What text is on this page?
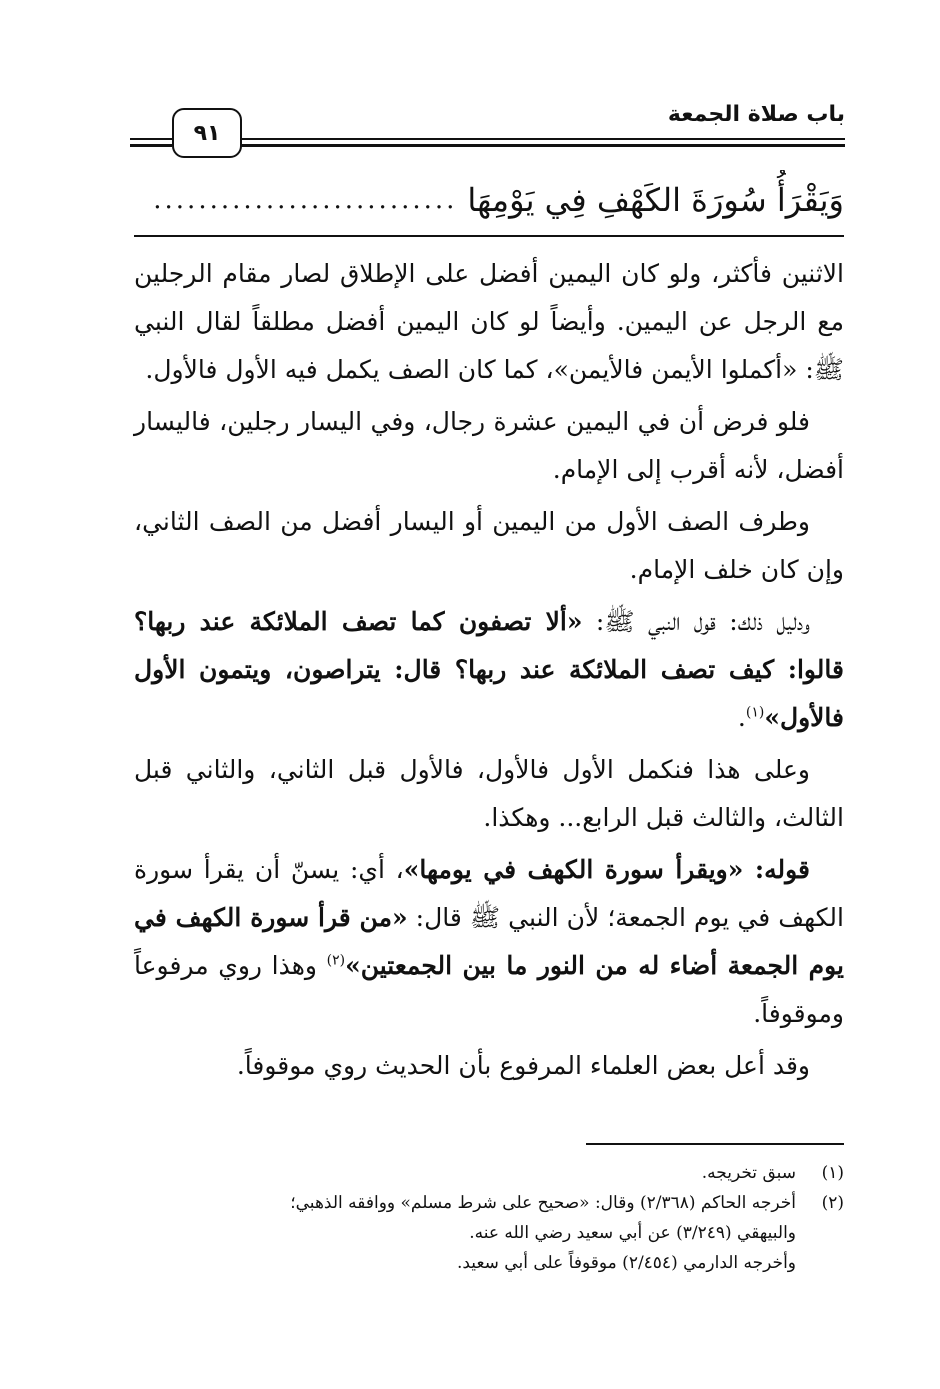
باب صلاة الجمعة
٩١
وَيَقْرَأُ سُورَةَ الكَهْفِ فِي يَوْمِهَا
...........................

الاثنين فأكثر، ولو كان اليمين أفضل على الإطلاق لصار مقام الرجلين مع الرجل عن اليمين. وأيضاً لو كان اليمين أفضل مطلقاً لقال النبي ﷺ: «أكملوا الأيمن فالأيمن»، كما كان الصف يكمل فيه الأول فالأول.

فلو فرض أن في اليمين عشرة رجال، وفي اليسار رجلين، فاليسار أفضل، لأنه أقرب إلى الإمام.

وطرف الصف الأول من اليمين أو اليسار أفضل من الصف الثاني، وإن كان خلف الإمام.

ودليل ذلك: قول النبي ﷺ: «ألا تصفون كما تصف الملائكة عند ربها؟ قالوا: كيف تصف الملائكة عند ربها؟ قال: يتراصون، ويتمون الأول فالأول»$^{(١)}$.

وعلى هذا فنكمل الأول فالأول، فالأول قبل الثاني، والثاني قبل الثالث، والثالث قبل الرابع... وهكذا.

قوله: «ويقرأ سورة الكهف في يومها»، أي: يسنّ أن يقرأ سورة الكهف في يوم الجمعة؛ لأن النبي ﷺ قال: «من قرأ سورة الكهف في يوم الجمعة أضاء له من النور ما بين الجمعتين»$^{(٢)}$ وهذا روي مرفوعاً وموقوفاً.

وقد أعل بعض العلماء المرفوع بأن الحديث روي موقوفاً.

(١)
سبق تخريجه.
(٢)
أخرجه الحاكم (٢/٣٦٨) وقال: «صحيح على شرط مسلم» ووافقه الذهبي؛
والبيهقي (٣/٢٤٩) عن أبي سعيد رضي الله عنه.
وأخرجه الدارمي (٢/٤٥٤) موقوفاً على أبي سعيد.
